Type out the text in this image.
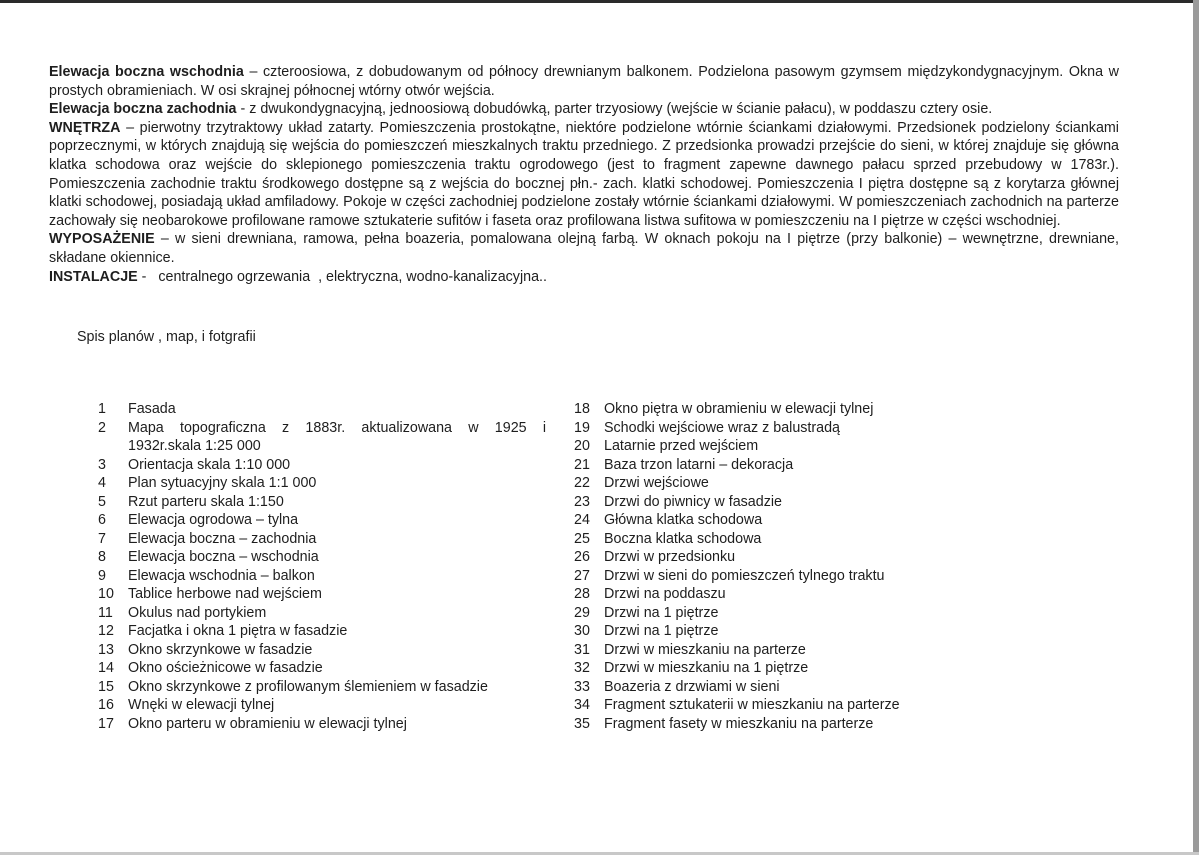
Elewacja boczna wschodnia – czteroosiowa, z dobudowanym od północy drewnianym balkonem. Podzielona pasowym gzymsem międzykondygnacyjnym. Okna w prostych obramieniach. W osi skrajnej północnej wtórny otwór wejścia.

Elewacja boczna zachodnia - z dwukondygnacyjną, jednoosiową dobudówką, parter trzyosiowy (wejście w ścianie pałacu), w poddaszu cztery osie.

WNĘTRZA – pierwotny trzytraktowy układ zatarty. Pomieszczenia prostokątne, niektóre podzielone wtórnie ściankami działowymi. Przedsionek podzielony ściankami poprzecznymi, w których znajdują się wejścia do pomieszczeń mieszkalnych traktu przedniego. Z przedsionka prowadzi przejście do sieni, w której znajduje się główna klatka schodowa oraz wejście do sklepionego pomieszczenia traktu ogrodowego (jest to fragment zapewne dawnego pałacu sprzed przebudowy w 1783r.). Pomieszczenia zachodnie traktu środkowego dostępne są z wejścia do bocznej płn.- zach. klatki schodowej. Pomieszczenia I piętra dostępne są z korytarza głównej klatki schodowej, posiadają układ amfiladowy. Pokoje w części zachodniej podzielone zostały wtórnie ściankami działowymi. W pomieszczeniach zachodnich na parterze zachowały się neobarokowe profilowane ramowe sztukaterie sufitów i faseta oraz profilowana listwa sufitowa w pomieszczeniu na I piętrze w części wschodniej.

WYPOSAŻENIE – w sieni drewniana, ramowa, pełna boazeria, pomalowana olejną farbą. W oknach pokoju na I piętrze (przy balkonie) – wewnętrzne, drewniane, składane okiennice.

INSTALACJE -   centralnego ogrzewania  , elektryczna, wodno-kanalizacyjna..

Spis planów , map, i fotgrafii
1	Fasada
2	Mapa topograficzna z 1883r. aktualizowana w 1925 i
1932r.skala 1:25 000
3	Orientacja skala 1:10 000
4	Plan sytuacyjny skala 1:1 000
5	Rzut parteru skala 1:150
6	Elewacja ogrodowa – tylna
7	Elewacja boczna – zachodnia
8	Elewacja boczna – wschodnia
9	Elewacja wschodnia – balkon
10 Tablice herbowe nad wejściem
11	Okulus nad portykiem
12 Facjatka i okna 1 piętra w fasadzie
13 Okno skrzynkowe w fasadzie
14 Okno ościeżnicowe w fasadzie
15 Okno skrzynkowe z profilowanym ślemieniem w fasadzie
16 Wnęki w elewacji tylnej
17 Okno parteru w obramieniu w elewacji tylnej
18 Okno piętra w obramieniu w elewacji tylnej
19 Schodki wejściowe wraz z balustradą
20 Latarnie przed wejściem
21 Baza trzon latarni – dekoracja
22 Drzwi wejściowe
23 Drzwi do piwnicy w fasadzie
24 Główna klatka schodowa
25 Boczna klatka schodowa
26 Drzwi w przedsionku
27 Drzwi w sieni do pomieszczeń tylnego traktu
28 Drzwi na poddaszu
29 Drzwi na 1 piętrze
30 Drzwi na 1 piętrze
31 Drzwi w mieszkaniu na parterze
32 Drzwi w mieszkaniu na 1 piętrze
33 Boazeria z drzwiami w sieni
34 Fragment sztukaterii w mieszkaniu na parterze
35 Fragment fasety w mieszkaniu na parterze
